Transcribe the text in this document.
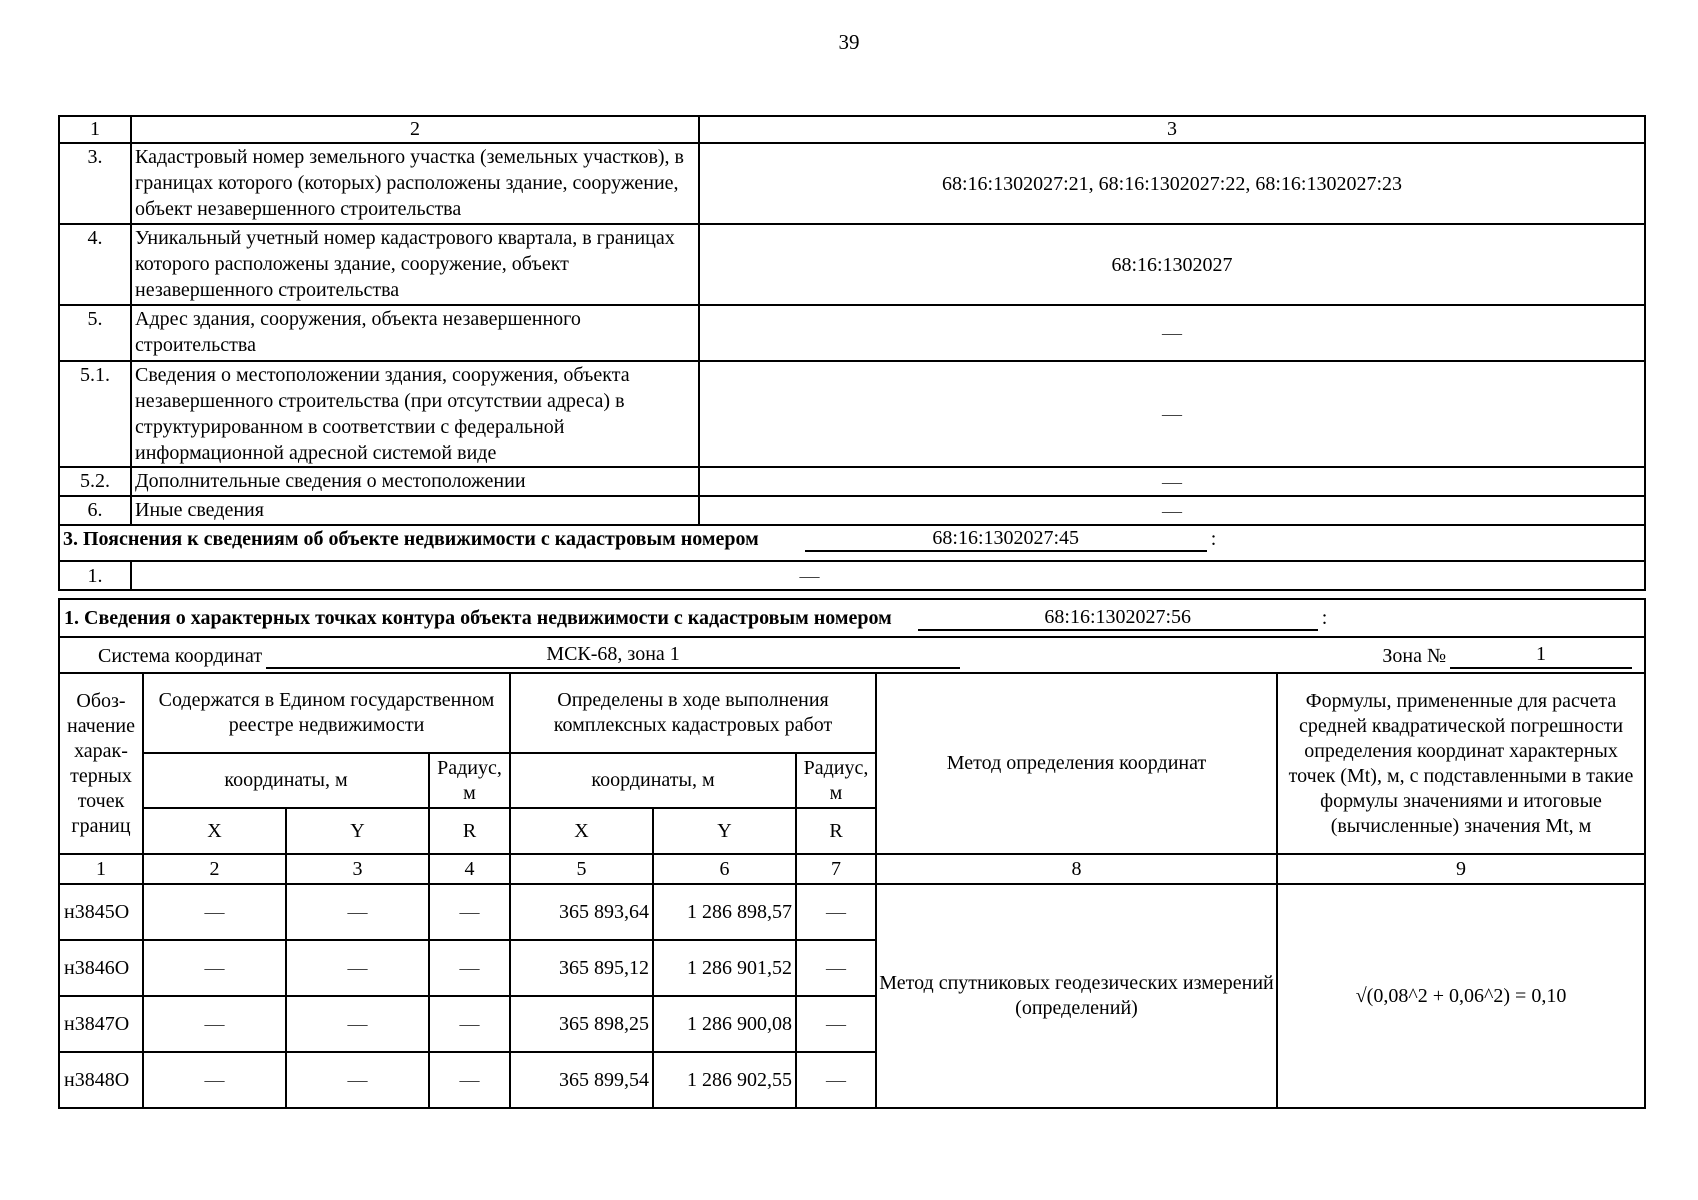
39
1	2	3
3.	Кадастровый номер земельного участка (земельных участков), в границах которого (которых) расположены здание, сооружение, объект незавершенного строительства	68:16:1302027:21, 68:16:1302027:22, 68:16:1302027:23
4.	Уникальный учетный номер кадастрового квартала, в границах которого расположены здание, сооружение, объект незавершенного строительства	68:16:1302027
5.	Адрес здания, сооружения, объекта незавершенного строительства	—
5.1.	Сведения о местоположении здания, сооружения, объекта незавершенного строительства (при отсутствии адреса) в структурированном в соответствии с федеральной информационной адресной системой виде	—
5.2.	Дополнительные сведения о местоположении	—
6.	Иные сведения	—

3. Пояснения к сведениям об объекте недвижимости с кадастровым номером 68:16:1302027:45 :		

1.	—	
1. Сведения о характерных точках контура объекта недвижимости с кадастровым номером 68:16:1302027:56 :								

Система координат МСК-68, зона 1 Зона № 1								

Обоз-начение харак-терных точек границ	Содержатся в Едином государственном реестре недвижимости			Определены в ходе выполнения комплексных кадастровых работ			Метод определения координат	Формулы, примененные для расчета средней квадратической погрешности определения координат характерных точек (Mt), м, с подставленными в такие формулы значениями и итоговые (вычисленные) значения Mt, м
	координаты, м		Радиус, м	координаты, м		Радиус, м		
	X	Y	R	X	Y	R		
1	2	3	4	5	6	7	8	9
н3845О	—	—	—	365 893,64	1 286 898,57	—	Метод спутниковых геодезических измерений (определений)	√(0,08^2 + 0,06^2) = 0,10
н3846О	—	—	—	365 895,12	1 286 901,52	—		
н3847О	—	—	—	365 898,25	1 286 900,08	—		
н3848О	—	—	—	365 899,54	1 286 902,55	—		
